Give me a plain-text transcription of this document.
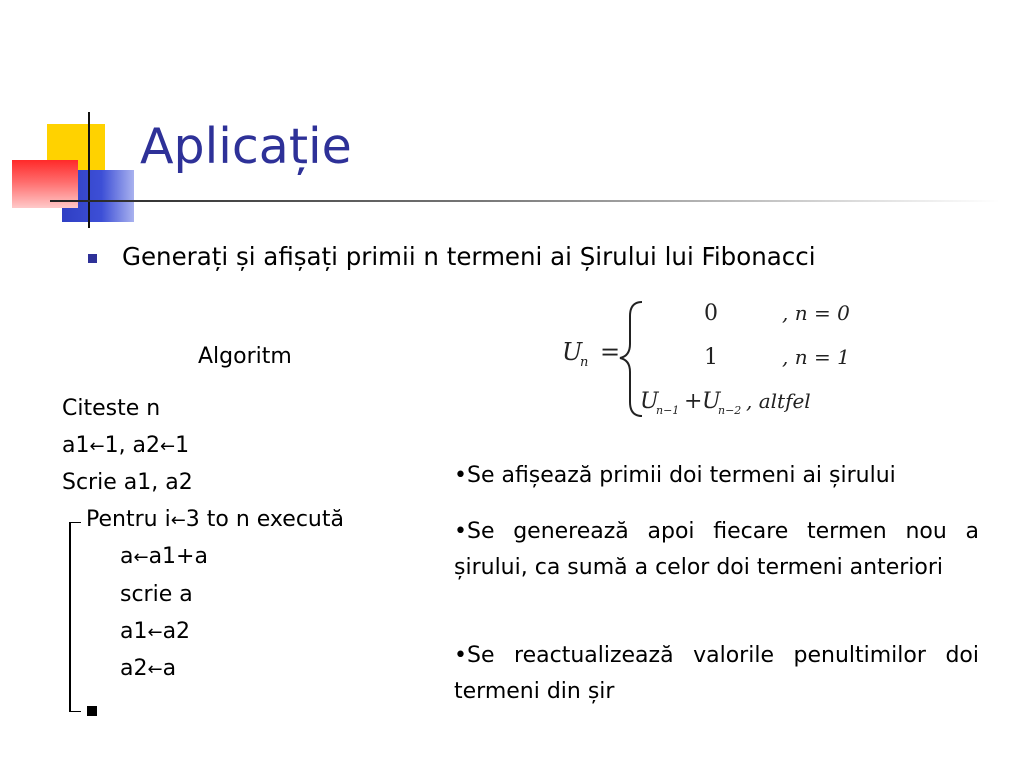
Aplicație
Generați și afișați primii n termeni ai Șirului lui Fibonacci
Algoritm
Citeste n
a1←1, a2←1
Scrie a1, a2
Pentru i←3 to n execută
a←a1+a
scrie a
a1←a2
a2←a
U
n =
0	, n = 0
1	, n = 1
U
n−1 + U
n−2 , altfel
•Se afișează primii doi termeni ai șirului
•Se generează apoi fiecare termen nou a șirului, ca sumă a celor doi termeni anteriori
•Se reactualizează valorile penultimilor doi termeni din șir
